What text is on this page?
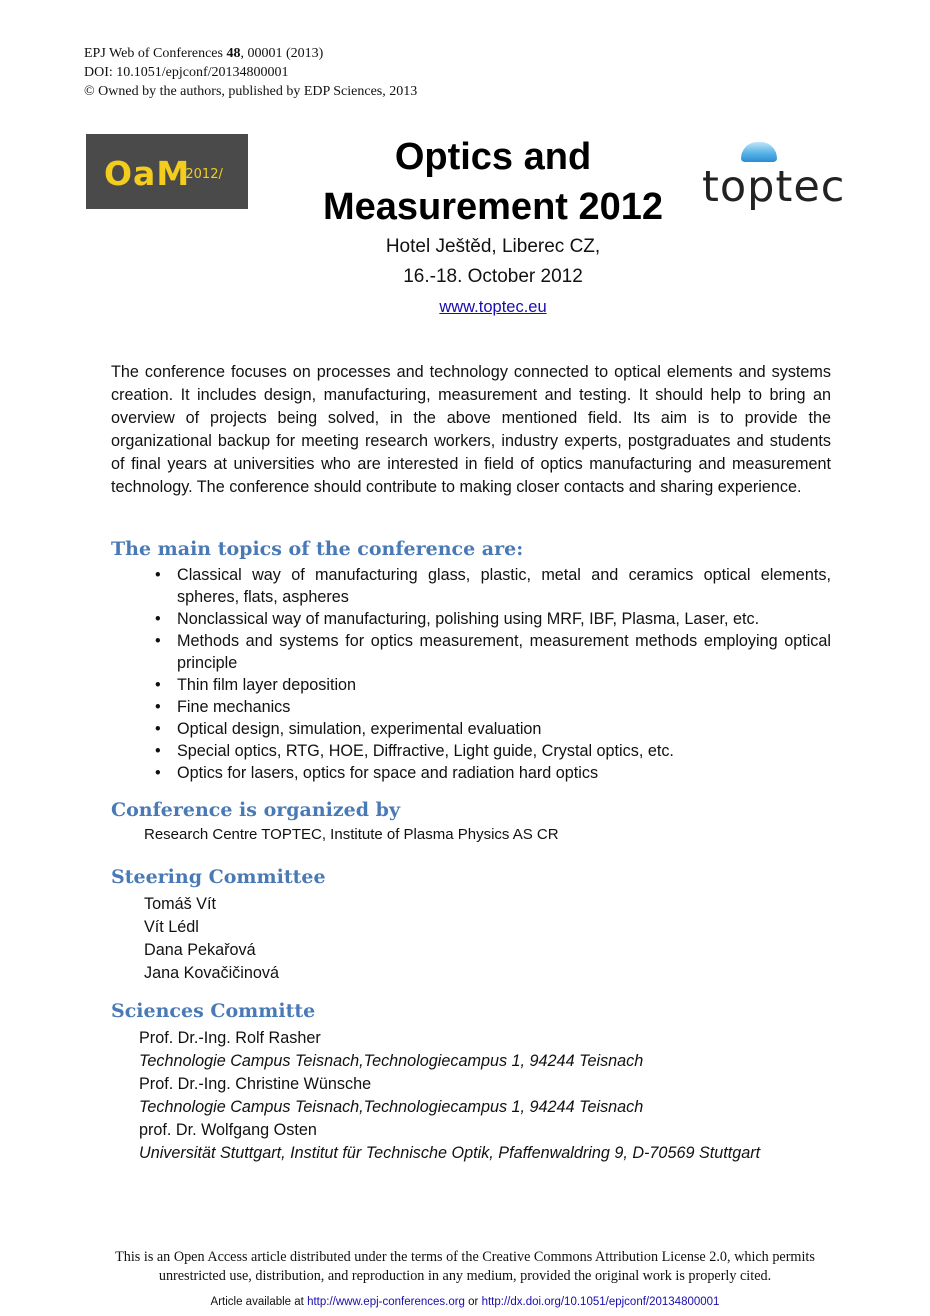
EPJ Web of Conferences 48, 00001 (2013)
DOI: 10.1051/epjconf/20134800001
© Owned by the authors, published by EDP Sciences, 2013
OaM
/2012/	Optics and
Measurement 2012 toptec
Hotel Ještěd, Liberec CZ,
16.-18. October 2012
www.toptec.eu
The conference focuses on processes and technology connected to optical elements and systems creation. It includes design, manufacturing, measurement and testing. It should help to bring an overview of projects being solved, in the above mentioned field. Its aim is to provide the organizational backup for meeting research workers, industry experts, postgraduates and students of final years at universities who are interested in field of optics manufacturing and measurement technology. The conference should contribute to making closer contacts and sharing experience.
The main topics of the conference are:
• Classical way of manufacturing glass, plastic, metal and ceramics optical elements, spheres, flats, aspheres
• Nonclassical way of manufacturing, polishing using MRF, IBF, Plasma, Laser, etc.
• Methods and systems for optics measurement, measurement methods employing optical principle
• Thin film layer deposition
• Fine mechanics
• Optical design, simulation, experimental evaluation
• Special optics, RTG, HOE, Diffractive, Light guide, Crystal optics, etc.
• Optics for lasers, optics for space and radiation hard optics
Conference is organized by
Research Centre TOPTEC, Institute of Plasma Physics AS CR
Steering Committee
Tomáš Vít
Vít Lédl
Dana Pekařová
Jana Kovačičinová
Sciences Committe
Prof. Dr.-Ing. Rolf Rasher
Technologie Campus Teisnach,Technologiecampus 1, 94244 Teisnach
Prof. Dr.-Ing. Christine Wünsche
Technologie Campus Teisnach,Technologiecampus 1, 94244 Teisnach
prof. Dr. Wolfgang Osten
Universität Stuttgart, Institut für Technische Optik, Pfaffenwaldring 9, D-70569 Stuttgart
This is an Open Access article distributed under the terms of the Creative Commons Attribution License 2.0, which permits unrestricted use, distribution, and reproduction in any medium, provided the original work is properly cited.
Article available at http://www.epj-conferences.org or http://dx.doi.org/10.1051/epjconf/20134800001
